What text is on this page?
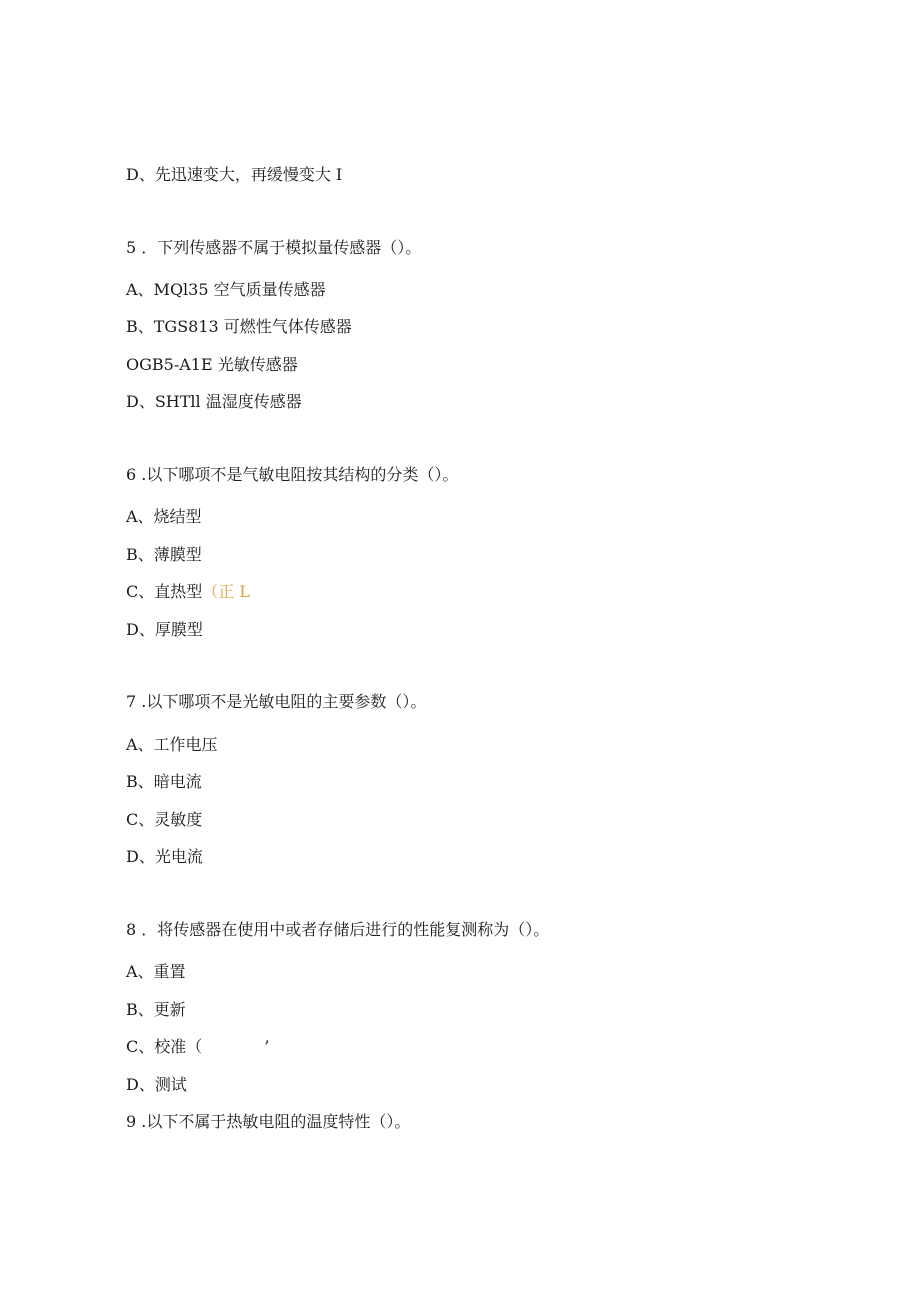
D、先迅速变大，再缓慢变大 I
5 ．下列传感器不属于模拟量传感器（）。
A、MQl35 空气质量传感器
B、TGS813 可燃性气体传感器
OGB5-A1E 光敏传感器
D、SHTll 温湿度传感器
6 .以下哪项不是气敏电阻按其结构的分类（）。
A、烧结型
B、薄膜型
C、直热型（正 L
D、厚膜型
7 .以下哪项不是光敏电阻的主要参数（）。
A、工作电压
B、暗电流
C、灵敏度
D、光电流
8 ．将传感器在使用中或者存储后进行的性能复测称为（）。
A、重置
B、更新
C、校准（	’
D、测试
9 .以下不属于热敏电阻的温度特性（）。
